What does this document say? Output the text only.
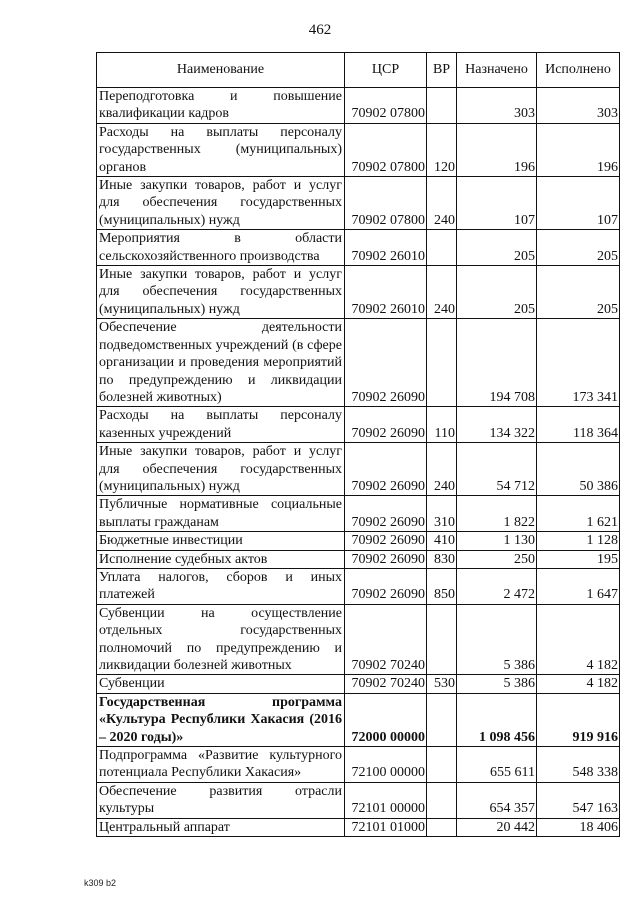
462
Наименование	ЦСР	ВР	Назначено	Исполнено
Переподготовка и повышение квалификации кадров	70902 07800		303	303
Расходы на выплаты персоналу государственных (муниципальных) органов	70902 07800	120	196	196
Иные закупки товаров, работ и услуг для обеспечения государственных (муниципальных) нужд	70902 07800	240	107	107
Мероприятия в области сельскохозяйственного производства	70902 26010		205	205
Иные закупки товаров, работ и услуг для обеспечения государственных (муниципальных) нужд	70902 26010	240	205	205
Обеспечение деятельности подведомственных учреждений (в сфере организации и проведения мероприятий по предупреждению и ликвидации болезней животных)	70902 26090		194 708	173 341
Расходы на выплаты персоналу казенных учреждений	70902 26090	110	134 322	118 364
Иные закупки товаров, работ и услуг для обеспечения государственных (муниципальных) нужд	70902 26090	240	54 712	50 386
Публичные нормативные социальные выплаты гражданам	70902 26090	310	1 822	1 621
Бюджетные инвестиции	70902 26090	410	1 130	1 128
Исполнение судебных актов	70902 26090	830	250	195
Уплата налогов, сборов и иных платежей	70902 26090	850	2 472	1 647
Субвенции на осуществление отдельных государственных полномочий по предупреждению и ликвидации болезней животных	70902 70240		5 386	4 182
Субвенции	70902 70240	530	5 386	4 182
Государственная программа «Культура Республики Хакасия (2016 – 2020 годы)»	72000 00000		1 098 456	919 916
Подпрограмма «Развитие культурного потенциала Республики Хакасия»	72100 00000		655 611	548 338
Обеспечение развития отрасли культуры	72101 00000		654 357	547 163
Центральный аппарат	72101 01000		20 442	18 406
k309 b2
